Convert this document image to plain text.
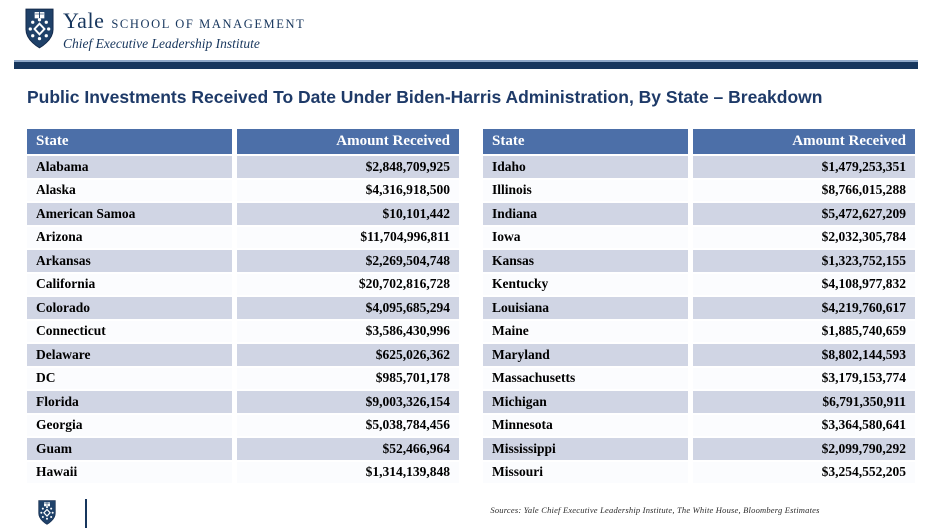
Yale SCHOOL OF MANAGEMENT
Chief Executive Leadership Institute
Public Investments Received To Date Under Biden-Harris Administration, By State – Breakdown
State	Amount Received
Alabama	$2,848,709,925
Alaska	$4,316,918,500
American Samoa	$10,101,442
Arizona	$11,704,996,811
Arkansas	$2,269,504,748
California	$20,702,816,728
Colorado	$4,095,685,294
Connecticut	$3,586,430,996
Delaware	$625,026,362
DC	$985,701,178
Florida	$9,003,326,154
Georgia	$5,038,784,456
Guam	$52,466,964
Hawaii	$1,314,139,848
State	Amount Received
Idaho	$1,479,253,351
Illinois	$8,766,015,288
Indiana	$5,472,627,209
Iowa	$2,032,305,784
Kansas	$1,323,752,155
Kentucky	$4,108,977,832
Louisiana	$4,219,760,617
Maine	$1,885,740,659
Maryland	$8,802,144,593
Massachusetts	$3,179,153,774
Michigan	$6,791,350,911
Minnesota	$3,364,580,641
Mississippi	$2,099,790,292
Missouri	$3,254,552,205
Sources: Yale Chief Executive Leadership Institute, The White House, Bloomberg Estimates
